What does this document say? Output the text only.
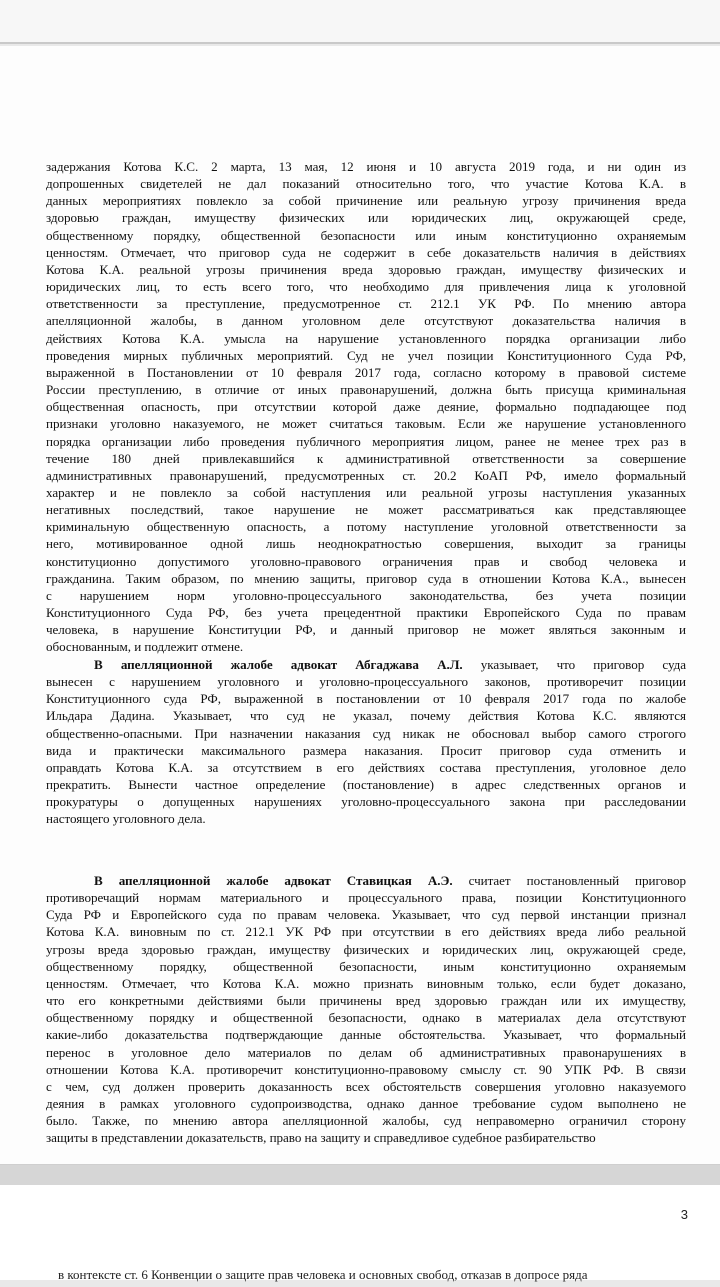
задержания Котова К.С. 2 марта, 13 мая, 12 июня и 10 августа 2019 года, и ни один из
допрошенных свидетелей не дал показаний относительно того, что участие Котова К.А. в
данных мероприятиях повлекло за собой причинение или реальную угрозу причинения вреда
здоровью граждан, имуществу физических или юридических лиц, окружающей среде,
общественному порядку, общественной безопасности или иным конституционно охраняемым
ценностям. Отмечает, что приговор суда не содержит в себе доказательств наличия в действиях
Котова К.А. реальной угрозы причинения вреда здоровью граждан, имуществу физических и
юридических лиц, то есть всего того, что необходимо для привлечения лица к уголовной
ответственности за преступление, предусмотренное ст. 212.1 УК РФ. По мнению автора
апелляционной жалобы, в данном уголовном деле отсутствуют доказательства наличия в
действиях Котова К.А. умысла на нарушение установленного порядка организации либо
проведения мирных публичных мероприятий. Суд не учел позиции Конституционного Суда РФ,
выраженной в Постановлении от 10 февраля 2017 года, согласно которому в правовой системе
России преступлению, в отличие от иных правонарушений, должна быть присуща криминальная
общественная опасность, при отсутствии которой даже деяние, формально подпадающее под
признаки уголовно наказуемого, не может считаться таковым. Если же нарушение установленного
порядка организации либо проведения публичного мероприятия лицом, ранее не менее трех раз в
течение 180 дней привлекавшийся к административной ответственности за совершение
административных правонарушений, предусмотренных ст. 20.2 КоАП РФ, имело формальный
характер и не повлекло за собой наступления или реальной угрозы наступления указанных
негативных последствий, такое нарушение не может рассматриваться как представляющее
криминальную общественную опасность, а потому наступление уголовной ответственности за
него, мотивированное одной лишь неоднократностью совершения, выходит за границы
конституционно допустимого уголовно-правового ограничения прав и свобод человека и
гражданина. Таким образом, по мнению защиты, приговор суда в отношении Котова К.А., вынесен
с нарушением норм уголовно-процессуального законодательства, без учета позиции
Конституционного Суда РФ, без учета прецедентной практики Европейского Суда по правам
человека, в нарушение Конституции РФ, и данный приговор не может являться законным и
обоснованным, и подлежит отмене.
В апелляционной жалобе адвокат Абгаджава А.Л. указывает, что приговор суда
вынесен с нарушением уголовного и уголовно-процессуального законов, противоречит позиции
Конституционного суда РФ, выраженной в постановлении от 10 февраля 2017 года по жалобе
Ильдара Дадина. Указывает, что суд не указал, почему действия Котова К.С. являются
общественно-опасными. При назначении наказания суд никак не обосновал выбор самого строгого
вида и практически максимального размера наказания. Просит приговор суда отменить и
оправдать Котова К.А. за отсутствием в его действиях состава преступления, уголовное дело
прекратить. Вынести частное определение (постановление) в адрес следственных органов и
прокуратуры о допущенных нарушениях уголовно-процессуального закона при расследовании
настоящего уголовного дела.
В апелляционной жалобе адвокат Ставицкая А.Э. считает постановленный приговор
противоречащий нормам материального и процессуального права, позиции Конституционного
Суда РФ и Европейского суда по правам человека. Указывает, что суд первой инстанции признал
Котова К.А. виновным по ст. 212.1 УК РФ при отсутствии в его действиях вреда либо реальной
угрозы вреда здоровью граждан, имуществу физических и юридических лиц, окружающей среде,
общественному порядку, общественной безопасности, иным конституционно охраняемым
ценностям. Отмечает, что Котова К.А. можно признать виновным только, если будет доказано,
что его конкретными действиями были причинены вред здоровью граждан или их имуществу,
общественному порядку и общественной безопасности, однако в материалах дела отсутствуют
какие-либо доказательства подтверждающие данные обстоятельства. Указывает, что формальный
перенос в уголовное дело материалов по делам об административных правонарушениях в
отношении Котова К.А. противоречит конституционно-правовому смыслу ст. 90 УПК РФ. В связи
с чем, суд должен проверить доказанность всех обстоятельств совершения уголовно наказуемого
деяния в рамках уголовного судопроизводства, однако данное требование судом выполнено не
было. Также, по мнению автора апелляционной жалобы, суд неправомерно ограничил сторону
защиты в представлении доказательств, право на защиту и справедливое судебное разбирательство
3
в контексте ст. 6 Конвенции о защите прав человека и основных свобод, отказав в допросе ряда
